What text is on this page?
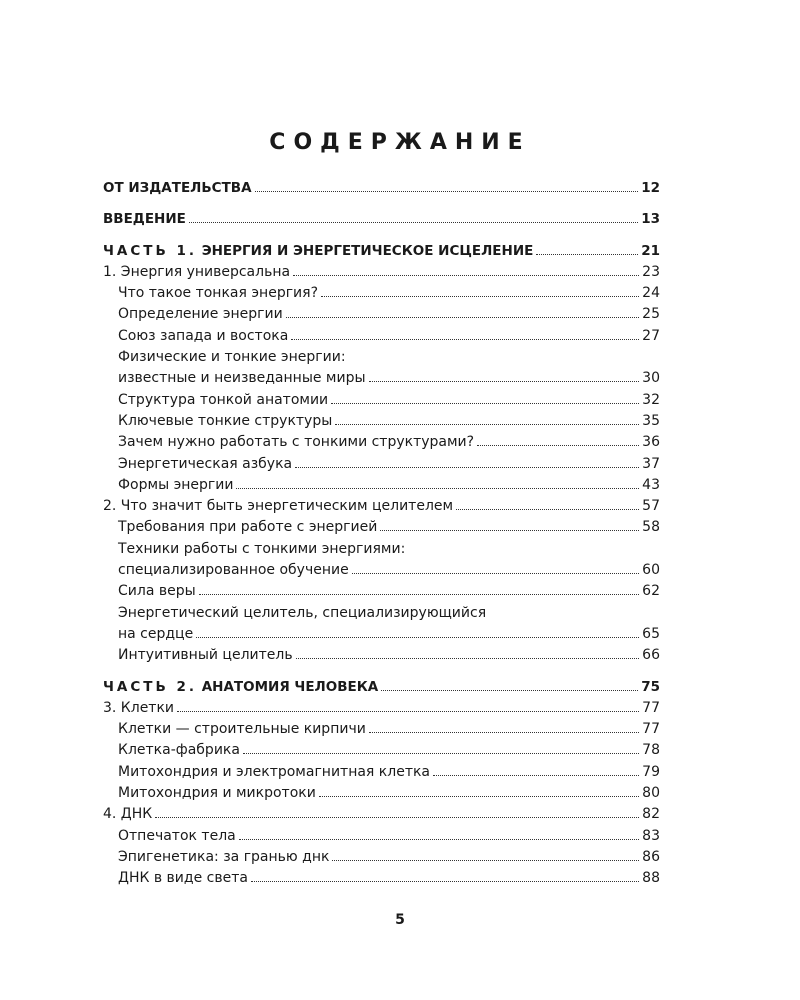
СОДЕРЖАНИЕ
ОТ ИЗДАТЕЛЬСТВА	12
ВВЕДЕНИЕ	13
ЧАСТЬ 1. ЭНЕРГИЯ И ЭНЕРГЕТИЧЕСКОЕ ИСЦЕЛЕНИЕ	21
1. Энергия универсальна	23
Что такое тонкая энергия?	24
Определение энергии	25
Союз запада и востока	27
Физические и тонкие энергии:
известные и неизведанные миры	30
Структура тонкой анатомии	32
Ключевые тонкие структуры	35
Зачем нужно работать с тонкими структурами?	36
Энергетическая азбука	37
Формы энергии	43
2. Что значит быть энергетическим целителем	57
Требования при работе с энергией	58
Техники работы с тонкими энергиями:
специализированное обучение	60
Сила веры	62
Энергетический целитель, специализирующийся
на сердце	65
Интуитивный целитель	66
ЧАСТЬ 2. АНАТОМИЯ ЧЕЛОВЕКА	75
3. Клетки	77
Клетки — строительные кирпичи	77
Клетка-фабрика	78
Митохондрия и электромагнитная клетка	79
Митохондрия и микротоки	80
4. ДНК	82
Отпечаток тела	83
Эпигенетика: за гранью днк	86
ДНК в виде света	88
5
